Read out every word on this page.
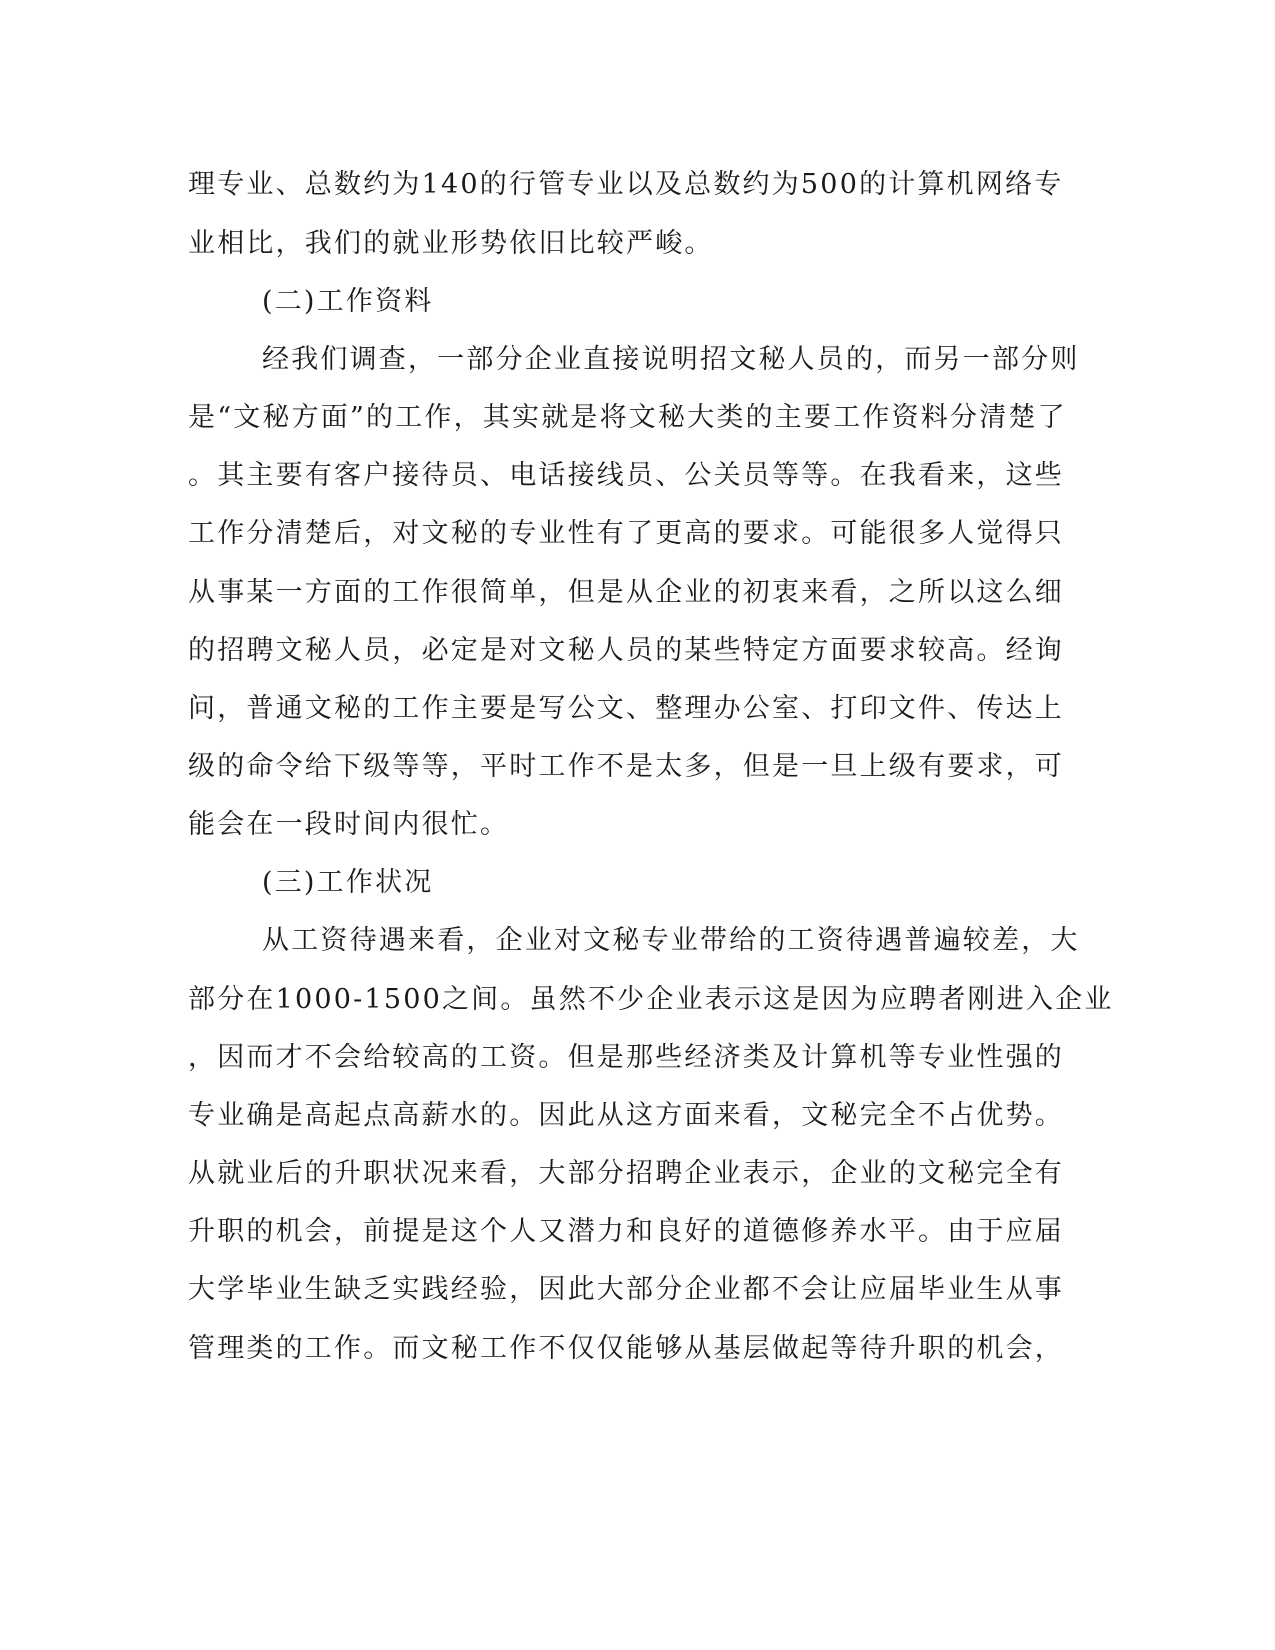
理专业、总数约为140的行管专业以及总数约为500的计算机网络专

业相比，我们的就业形势依旧比较严峻。

(二)工作资料

经我们调查，一部分企业直接说明招文秘人员的，而另一部分则

是“文秘方面”的工作，其实就是将文秘大类的主要工作资料分清楚了

。其主要有客户接待员、电话接线员、公关员等等。在我看来，这些

工作分清楚后，对文秘的专业性有了更高的要求。可能很多人觉得只

从事某一方面的工作很简单，但是从企业的初衷来看，之所以这么细

的招聘文秘人员，必定是对文秘人员的某些特定方面要求较高。经询

问，普通文秘的工作主要是写公文、整理办公室、打印文件、传达上

级的命令给下级等等，平时工作不是太多，但是一旦上级有要求，可

能会在一段时间内很忙。

(三)工作状况

从工资待遇来看，企业对文秘专业带给的工资待遇普遍较差，大

部分在1000-1500之间。虽然不少企业表示这是因为应聘者刚进入企业

，因而才不会给较高的工资。但是那些经济类及计算机等专业性强的

专业确是高起点高薪水的。因此从这方面来看，文秘完全不占优势。

从就业后的升职状况来看，大部分招聘企业表示，企业的文秘完全有

升职的机会，前提是这个人又潜力和良好的道德修养水平。由于应届

大学毕业生缺乏实践经验，因此大部分企业都不会让应届毕业生从事

管理类的工作。而文秘工作不仅仅能够从基层做起等待升职的机会，
